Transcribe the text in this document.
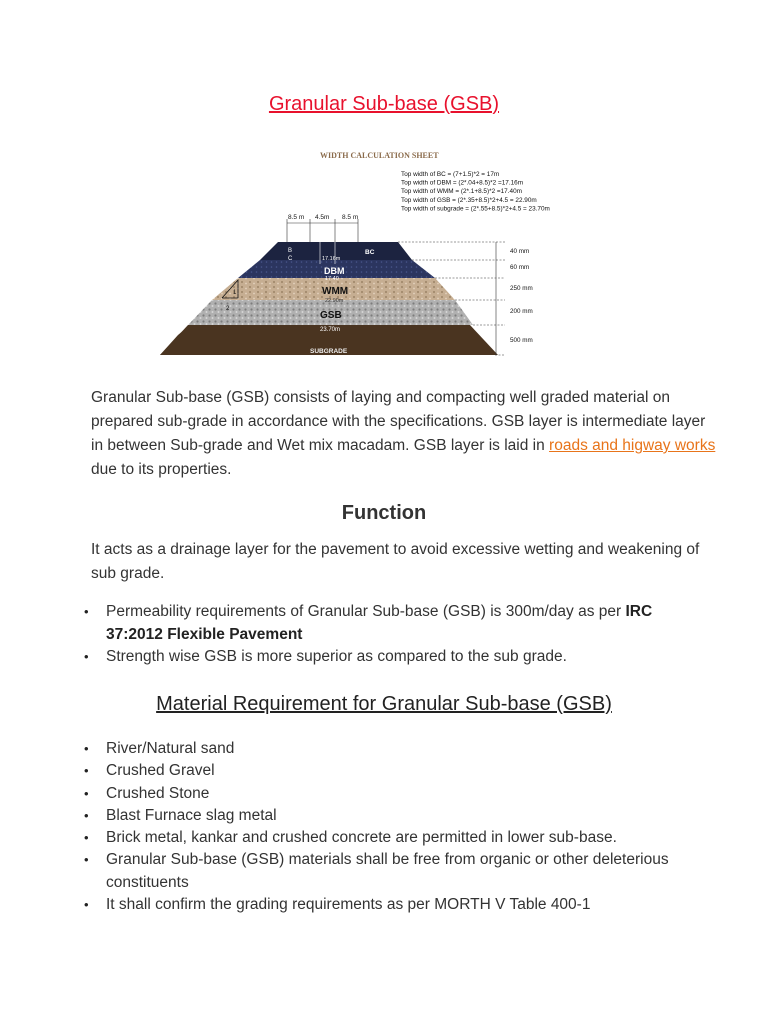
Granular Sub-base (GSB)
WIDTH CALCULATION SHEET
Top width of BC = (7+1.5)*2 = 17m
Top width of DBM = (2*.04+8.5)*2 =17.16m
Top width of WMM = (2*.1+8.5)*2 =17.40m
Top width of GSB = (2*.35+8.5)*2+4.5 = 22.90m
Top width of subgrade = (2*.55+8.5)*2+4.5 = 23.70m
8.5 m 4.5m 8.5 m
BC
DBM
WMM
GSB
SUBGRADE
B
C	17.16m
17.40
22.90m
23.70m
1
2
40 mm
60 mm
250 mm
200 mm
500 mm

Granular Sub-base (GSB) consists of laying and compacting well graded material on prepared sub-grade in accordance with the specifications. GSB layer is intermediate layer in between Sub-grade and Wet mix macadam. GSB layer is laid in roads and higway works due to its properties.

Function

It acts as a drainage layer for the pavement to avoid excessive wetting and weakening of sub grade.

• Permeability requirements of Granular Sub-base (GSB) is 300m/day as per IRC 37:2012 Flexible Pavement
• Strength wise GSB is more superior as compared to the sub grade.
Material Requirement for Granular Sub-base (GSB)
• River/Natural sand
• Crushed Gravel
• Crushed Stone
• Blast Furnace slag metal
• Brick metal, kankar and crushed concrete are permitted in lower sub-base.
• Granular Sub-base (GSB) materials shall be free from organic or other deleterious constituents
• It shall confirm the grading requirements as per MORTH V Table 400-1
